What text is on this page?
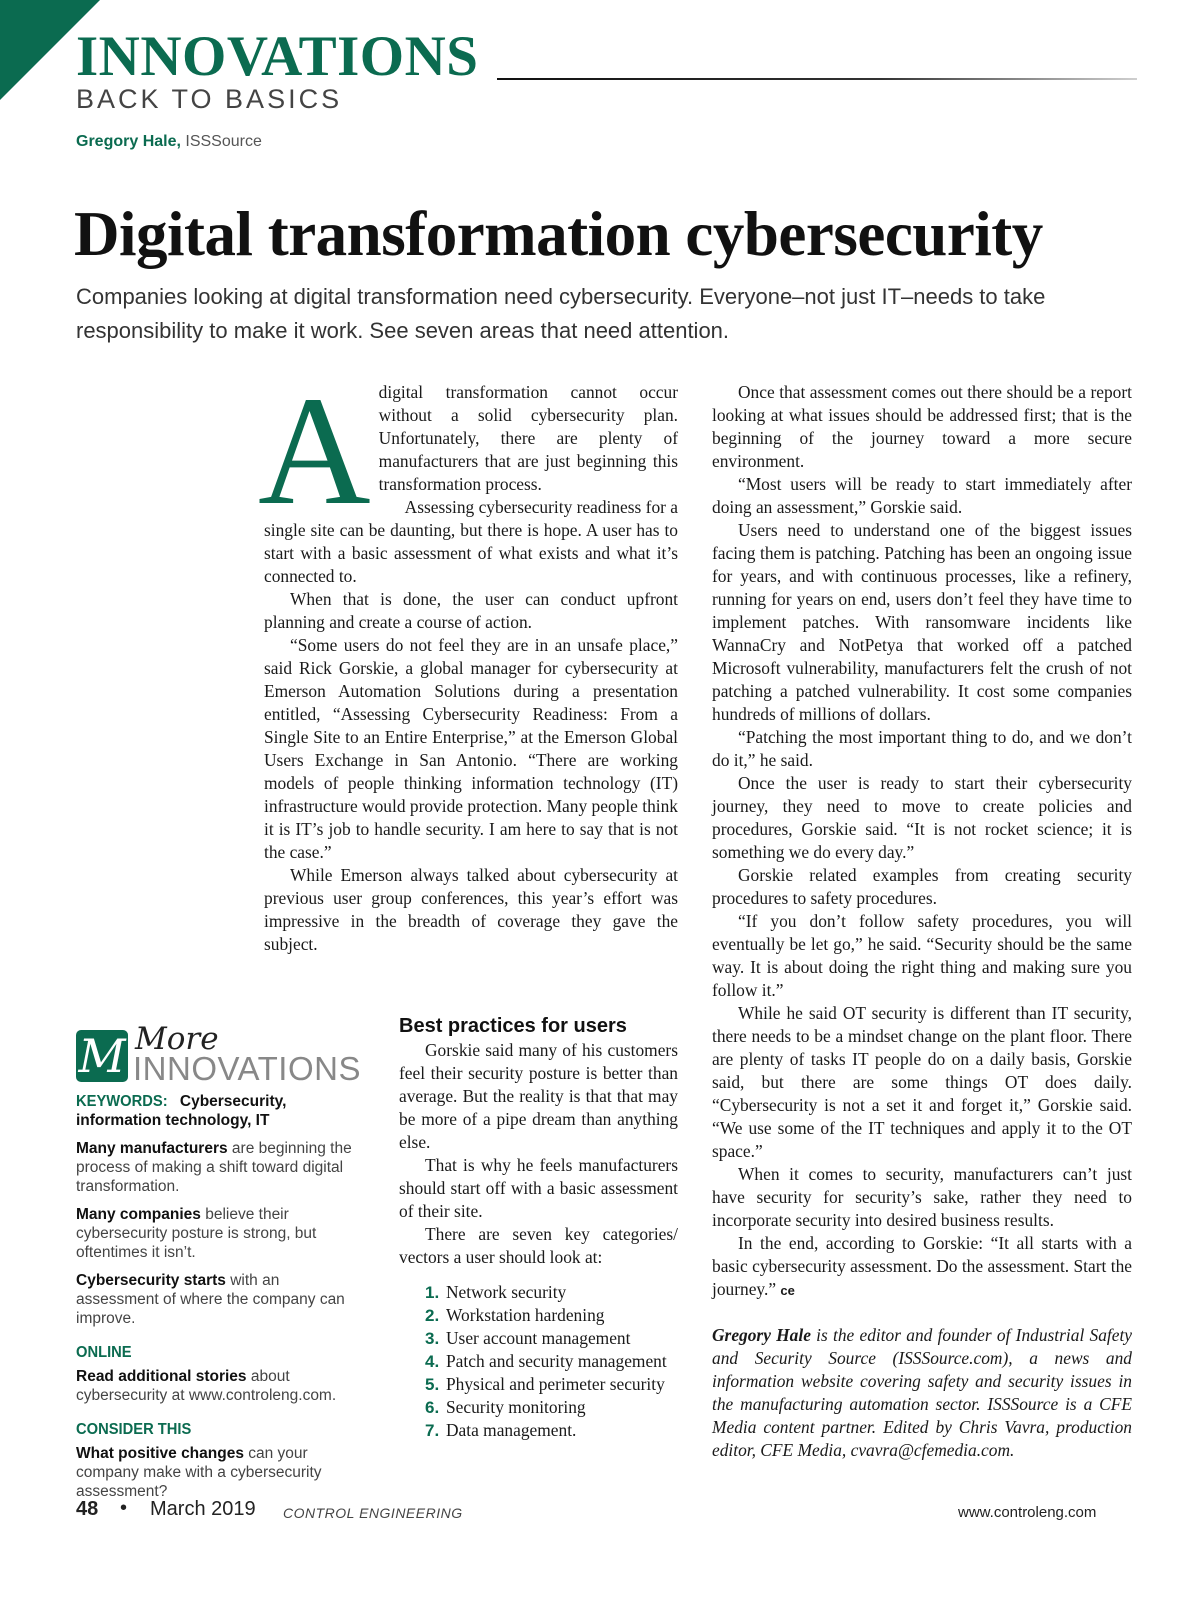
INNOVATIONS
BACK TO BASICS
Gregory Hale, ISSSource
Digital transformation cybersecurity

Companies looking at digital transformation need cybersecurity. Everyone–not just IT–needs to take responsibility to make it work. See seven areas that need attention.

A digital transformation cannot occur without a solid cybersecurity plan. Unfortunately, there are plenty of manufacturers that are just beginning this transformation process.

Assessing cybersecurity readiness for a single site can be daunting, but there is hope. A user has to start with a basic assessment of what exists and what it’s connected to.

When that is done, the user can conduct upfront planning and create a course of action.

“Some users do not feel they are in an unsafe place,” said Rick Gorskie, a global manager for cybersecurity at Emerson Automation Solutions during a presentation entitled, “Assessing Cybersecurity Readiness: From a Single Site to an Entire Enterprise,” at the Emerson Global Users Exchange in San Antonio. “There are working models of people thinking information technology (IT) infrastructure would provide protection. Many people think it is IT’s job to handle security. I am here to say that is not the case.”

While Emerson always talked about cybersecurity at previous user group conferences, this year’s effort was impressive in the breadth of coverage they gave the subject.

Best practices for users

Gorskie said many of his customers feel their security posture is better than average. But the reality is that that may be more of a pipe dream than anything else.

That is why he feels manufacturers should start off with a basic assessment of their site.

There are seven key categories/ vectors a user should look at:

1. Network security
2. Workstation hardening
3. User account management
4. Patch and security management
5. Physical and perimeter security
6. Security monitoring
7. Data management.

Once that assessment comes out there should be a report looking at what issues should be addressed first; that is the beginning of the journey toward a more secure environment.

“Most users will be ready to start immediately after doing an assessment,” Gorskie said.

Users need to understand one of the biggest issues facing them is patching. Patching has been an ongoing issue for years, and with continuous processes, like a refinery, running for years on end, users don’t feel they have time to implement patches. With ransomware incidents like WannaCry and NotPetya that worked off a patched Microsoft vulnerability, manufacturers felt the crush of not patching a patched vulnerability. It cost some companies hundreds of millions of dollars.

“Patching the most important thing to do, and we don’t do it,” he said.

Once the user is ready to start their cybersecurity journey, they need to move to create policies and procedures, Gorskie said. “It is not rocket science; it is something we do every day.”

Gorskie related examples from creating security procedures to safety procedures.

“If you don’t follow safety procedures, you will eventually be let go,” he said. “Security should be the same way. It is about doing the right thing and making sure you follow it.”

While he said OT security is different than IT security, there needs to be a mindset change on the plant floor. There are plenty of tasks IT people do on a daily basis, Gorskie said, but there are some things OT does daily. “Cybersecurity is not a set it and forget it,” Gorskie said. “We use some of the IT techniques and apply it to the OT space.”

When it comes to security, manufacturers can’t just have security for security’s sake, rather they need to incorporate security into desired business results.

In the end, according to Gorskie: “It all starts with a basic cybersecurity assessment. Do the assessment. Start the journey.” ce

Gregory Hale is the editor and founder of Industrial Safety and Security Source (ISSSource.com), a news and information website covering safety and security issues in the manufacturing automation sector. ISSSource is a CFE Media content partner. Edited by Chris Vavra, production editor, CFE Media, cvavra@cfemedia.com.

M More
INNOVATIONS
KEYWORDS: Cybersecurity, information technology, IT
Many manufacturers are beginning the process of making a shift toward digital transformation.
Many companies believe their cybersecurity posture is strong, but oftentimes it isn’t.
Cybersecurity starts with an assessment of where the company can improve.
ONLINE
Read additional stories about cybersecurity at www.controleng.com.
CONSIDER THIS
What positive changes can your company make with a cybersecurity assessment?
48 • March 2019 CONTROL ENGINEERING	www.controleng.com
